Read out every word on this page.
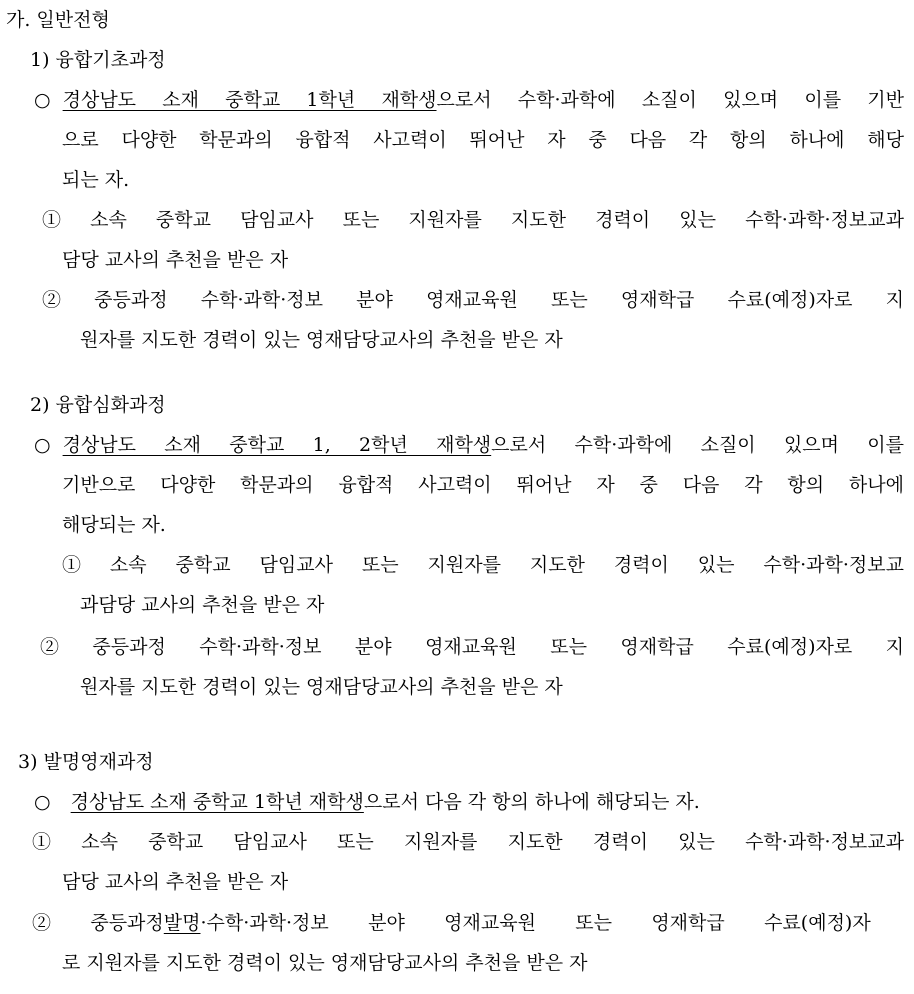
가. 일반전형
1) 융합기초과정
○ 경상남도 소재 중학교 1학년 재학생으로서 수학·과학에 소질이 있으며 이를 기반
으로 다양한 학문과의 융합적 사고력이 뛰어난 자 중 다음 각 항의 하나에 해당
되는 자.
① 소속 중학교 담임교사 또는 지원자를 지도한 경력이 있는 수학·과학·정보교과
담당 교사의 추천을 받은 자
② 중등과정 수학·과학·정보 분야 영재교육원 또는 영재학급 수료(예정)자로 지
원자를 지도한 경력이 있는 영재담당교사의 추천을 받은 자
2) 융합심화과정
○ 경상남도 소재 중학교 1, 2학년 재학생으로서 수학·과학에 소질이 있으며 이를
기반으로 다양한 학문과의 융합적 사고력이 뛰어난 자 중 다음 각 항의 하나에
해당되는 자.
① 소속 중학교 담임교사 또는 지원자를 지도한 경력이 있는 수학·과학·정보교
과담당 교사의 추천을 받은 자
② 중등과정 수학·과학·정보 분야 영재교육원 또는 영재학급 수료(예정)자로 지
원자를 지도한 경력이 있는 영재담당교사의 추천을 받은 자
3) 발명영재과정
○ 경상남도 소재 중학교 1학년 재학생으로서 다음 각 항의 하나에 해당되는 자.
① 소속 중학교 담임교사 또는 지원자를 지도한 경력이 있는 수학·과학·정보교과
담당 교사의 추천을 받은 자
② 중등과정발명·수학·과학·정보 분야 영재교육원 또는 영재학급 수료(예정)자
로 지원자를 지도한 경력이 있는 영재담당교사의 추천을 받은 자
